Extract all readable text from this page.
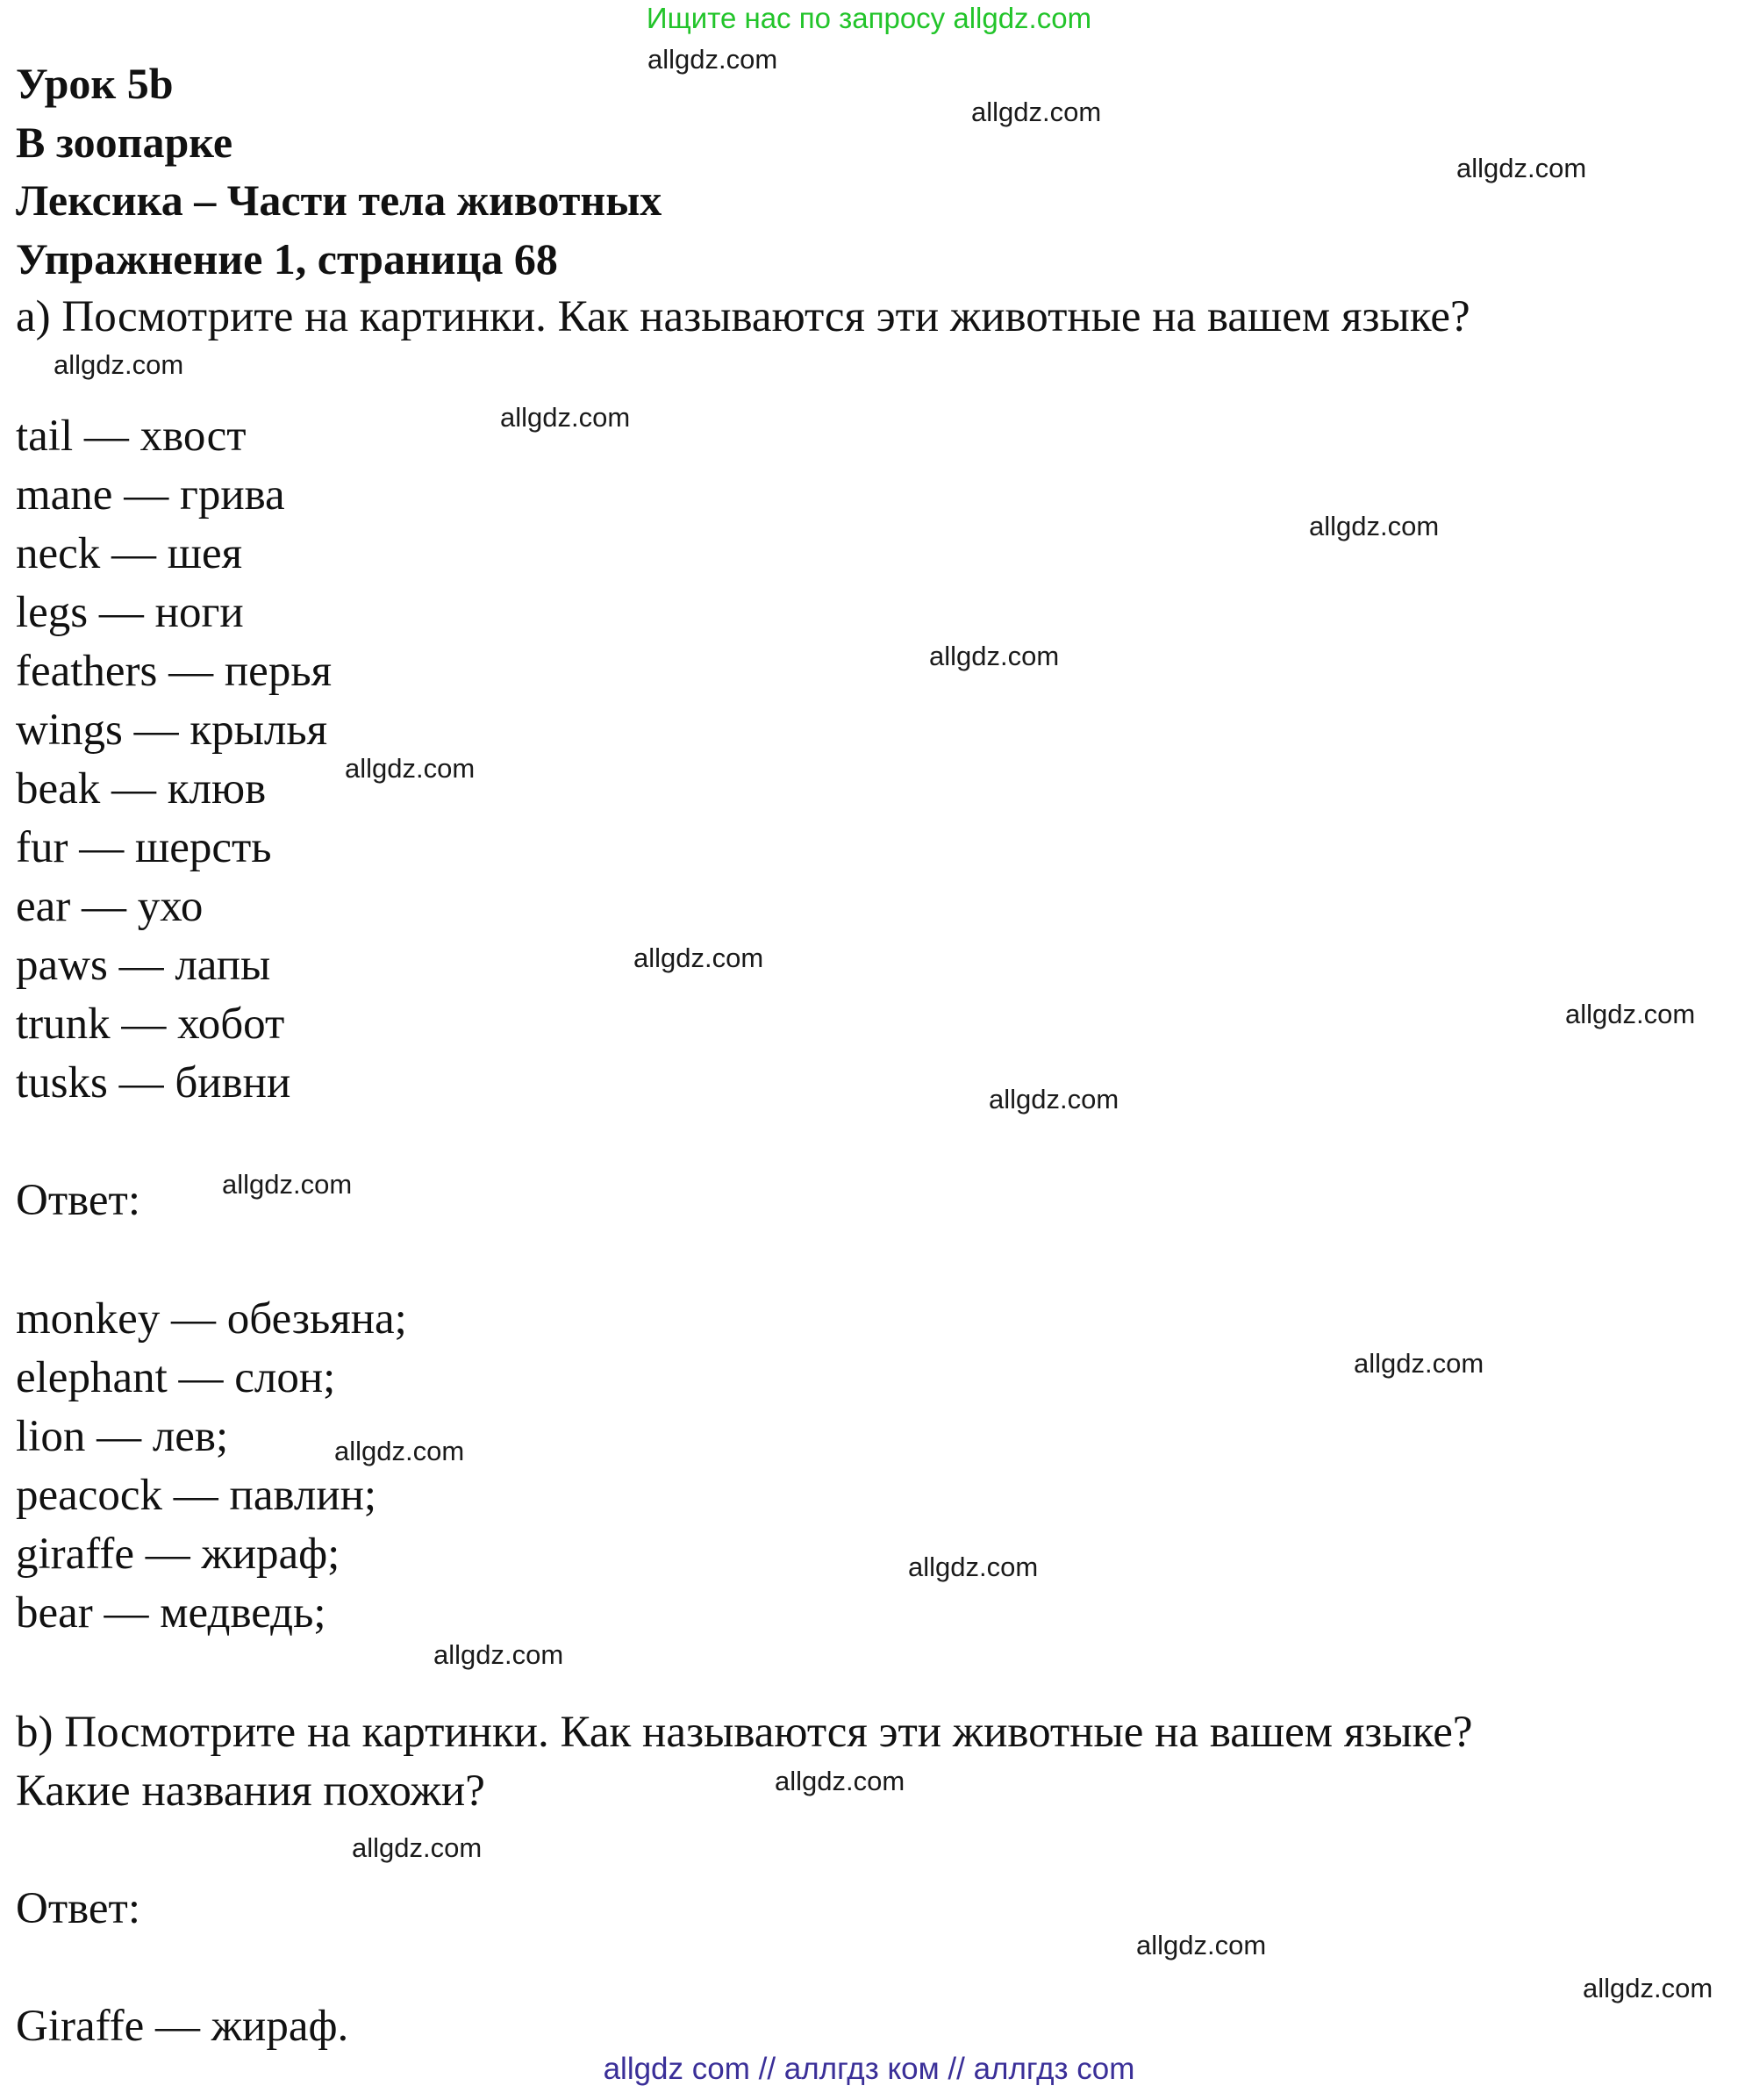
Ищите нас по запросу allgdz.com
Урок 5b
В зоопарке
Лексика – Части тела животных
Упражнение 1, страница 68
a) Посмотрите на картинки. Как называются эти животные на вашем языке?
tail — хвост
mane — грива
neck — шея
legs — ноги
feathers — перья
wings — крылья
beak — клюв
fur — шерсть
ear — ухо
paws — лапы
trunk — хобот
tusks — бивни
Ответ:
monkey — обезьяна;
elephant — слон;
lion — лев;
peacock — павлин;
giraffe — жираф;
bear — медведь;
b) Посмотрите на картинки. Как называются эти животные на вашем языке?
Какие названия похожи?
Ответ:
Giraffe — жираф.
allgdz.com
allgdz.com
allgdz.com
allgdz.com
allgdz.com
allgdz.com
allgdz.com
allgdz.com
allgdz.com
allgdz.com
allgdz.com
allgdz.com
allgdz.com
allgdz.com
allgdz.com
allgdz.com
allgdz.com
allgdz.com
allgdz.com
allgdz.com
allgdz com // аллгдз ком // аллгдз com
